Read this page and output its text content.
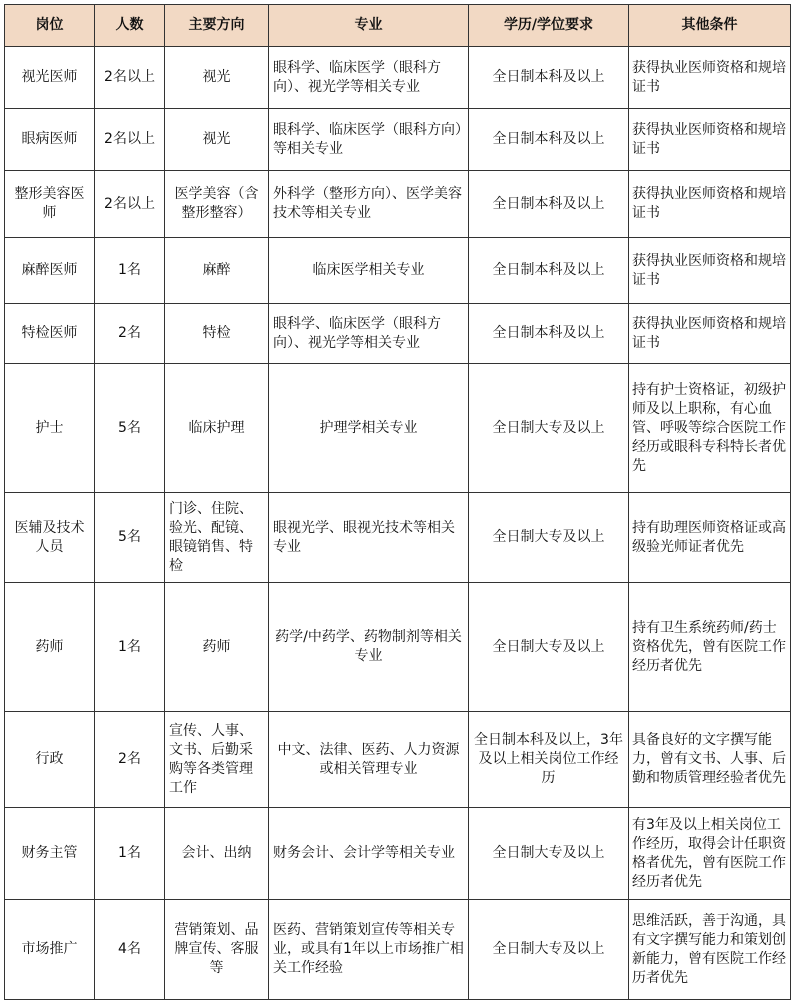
岗位	人数	主要方向	专业	学历/学位要求	其他条件
视光医师	2名以上	视光	眼科学、临床医学（眼科方向）、视光学等相关专业	全日制本科及以上	获得执业医师资格和规培证书
眼病医师	2名以上	视光	眼科学、临床医学（眼科方向）等相关专业	全日制本科及以上	获得执业医师资格和规培证书
整形美容医师	2名以上	医学美容（含整形整容）	外科学（整形方向）、医学美容技术等相关专业	全日制本科及以上	获得执业医师资格和规培证书
麻醉医师	1名	麻醉	临床医学相关专业	全日制本科及以上	获得执业医师资格和规培证书
特检医师	2名	特检	眼科学、临床医学（眼科方向）、视光学等相关专业	全日制本科及以上	获得执业医师资格和规培证书
护士	5名	临床护理	护理学相关专业	全日制大专及以上	持有护士资格证，初级护师及以上职称，有心血管、呼吸等综合医院工作经历或眼科专科特长者优先
医辅及技术人员	5名	门诊、住院、验光、配镜、眼镜销售、特检	眼视光学、眼视光技术等相关专业	全日制大专及以上	持有助理医师资格证或高级验光师证者优先
药师	1名	药师	药学/中药学、药物制剂等相关专业	全日制大专及以上	持有卫生系统药师/药士资格优先，曾有医院工作经历者优先
行政	2名	宣传、人事、文书、后勤采购等各类管理工作	中文、法律、医药、人力资源或相关管理专业	全日制本科及以上，3年及以上相关岗位工作经历	具备良好的文字撰写能力，曾有文书、人事、后勤和物质管理经验者优先
财务主管	1名	会计、出纳	财务会计、会计学等相关专业	全日制大专及以上	有3年及以上相关岗位工作经历，取得会计任职资格者优先，曾有医院工作经历者优先
市场推广	4名	营销策划、品牌宣传、客服等	医药、营销策划宣传等相关专业，或具有1年以上市场推广相关工作经验	全日制大专及以上	思维活跃，善于沟通，具有文字撰写能力和策划创新能力，曾有医院工作经历者优先
